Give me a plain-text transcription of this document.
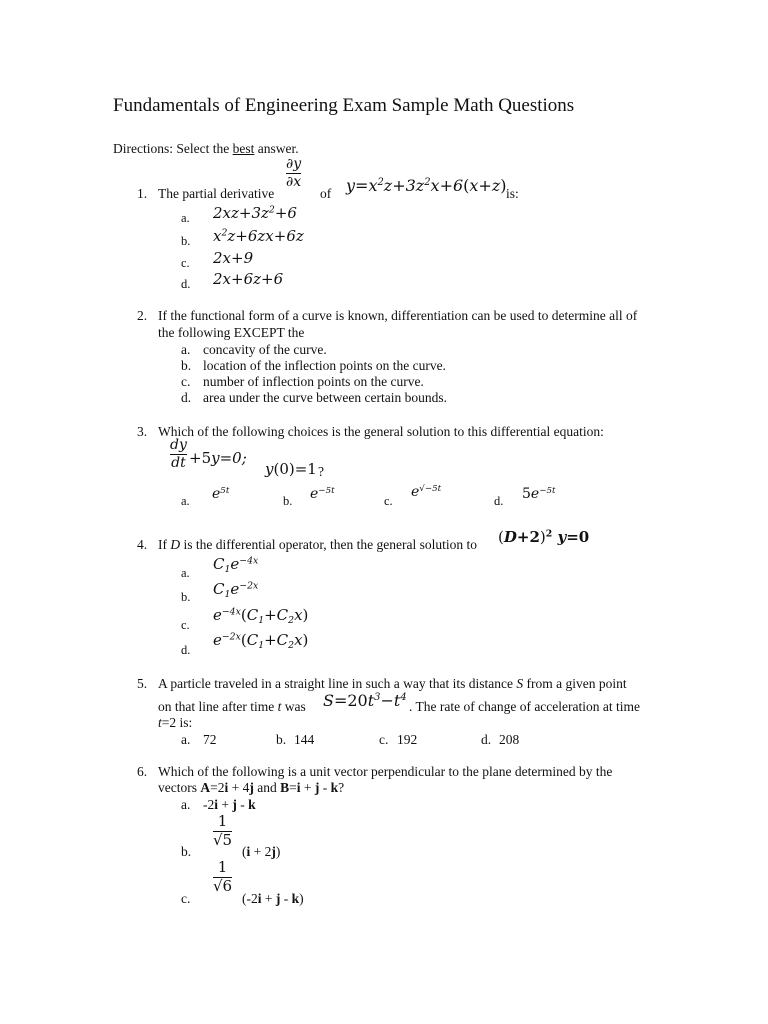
Fundamentals of Engineering Exam Sample Math Questions
Directions: Select the best answer.
1. The partial derivative
$\frac{\partial y}{\partial x}$
of $y=x^2z+3z^2x+6(x+z)$ is:
a. $2xz+3z^2+6$
b. $x^2z+6zx+6z$
c. 2x+9
d. 2x+6z+6
2. If the functional form of a curve is known, differentiation can be used to determine all of
the following EXCEPT the
a. concavity of the curve.
b. location of the inflection points on the curve.
c. number of inflection points on the curve.
d. area under the curve between certain bounds.
3. Which of the following choices is the general solution to this differential equation:
$\frac{dy}{dt} +5y=0$;
y(0)=1 ?
a. $e^{5t}$
b. $e^{-5t}$
c.
$e^{√-5t}$
d. $5e^{-5t}$
4. If D is the differential operator, then the general solution to $(D+2)^2$ y=0
a. $C_1e^{-4x}$
b. $C_1e^{-2x}$
c.
$e^{-4x}(C_1+C_2x)$
d.
$e^{-2x}(C_1+C_2x)$
5. A particle traveled in a straight line in such a way that its distance S from a given point
on that line after time t was $S=20t^3-t^4$
. The rate of change of acceleration at time
t=2 is:
a. 72	b. 144	c. 192	d. 208
6. Which of the following is a unit vector perpendicular to the plane determined by the
vectors A=2i + 4j and B=i + j - k?
a. -2i + j - k
b.
$\frac{1}{√5}$
(i + 2j)
c.
$\frac{1}{√6}$
(-2i + j - k)
